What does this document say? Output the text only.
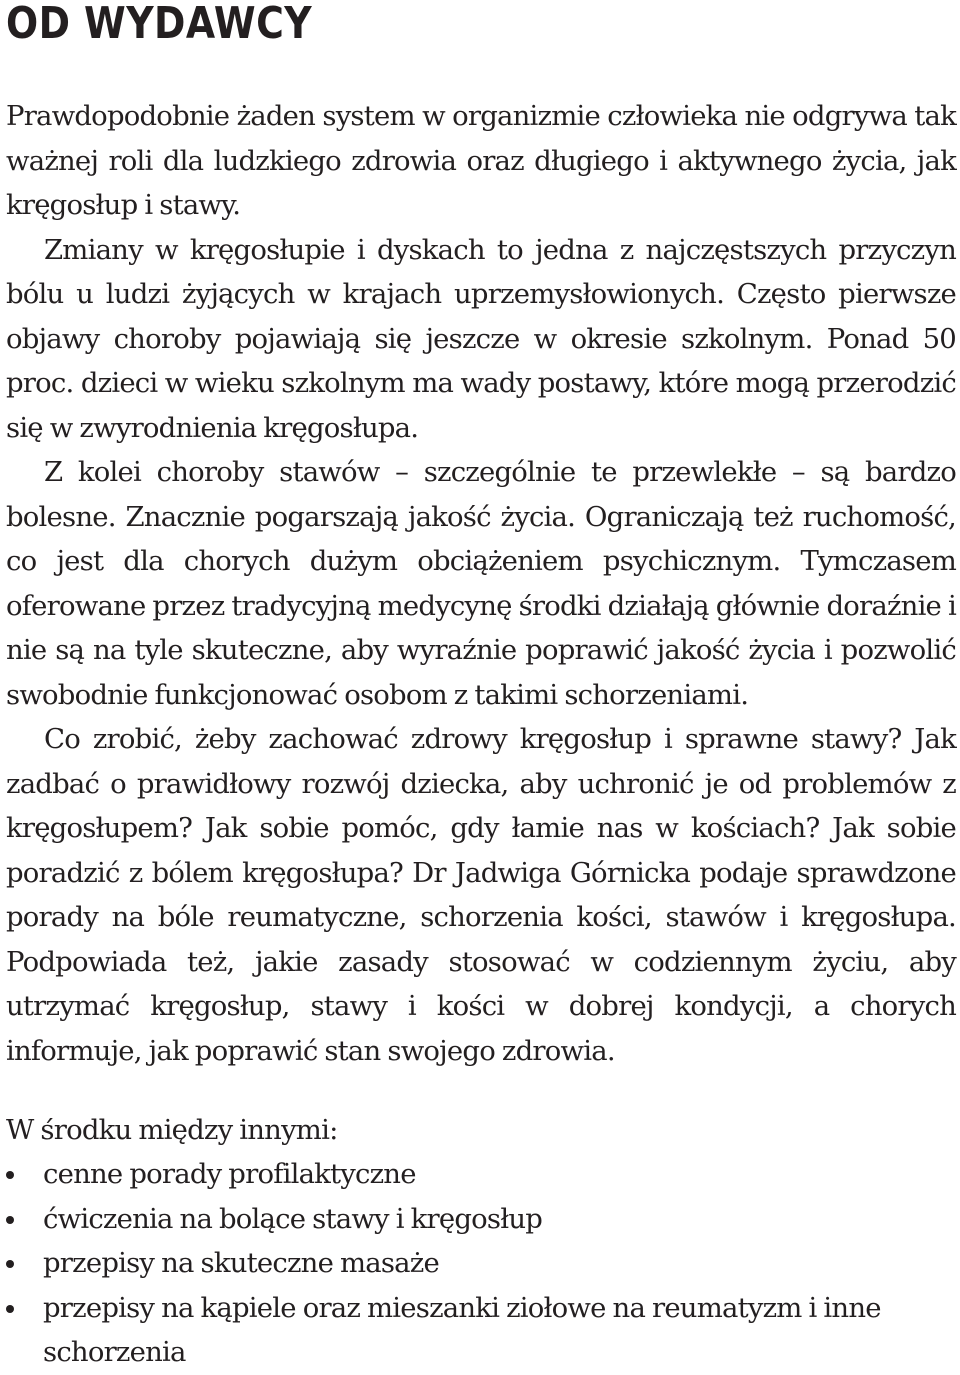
OD WYDAWCY

Prawdopodobnie żaden system w organizmie człowieka nie odgrywa tak ważnej roli dla ludzkiego zdrowia oraz długiego i aktywnego życia, jak kręgosłup i stawy.

Zmiany w kręgosłupie i dyskach to jedna z najczęstszych przyczyn bólu u ludzi żyjących w krajach uprzemysłowionych. Często pierwsze objawy choroby pojawiają się jeszcze w okresie szkolnym. Ponad 50 proc. dzieci w wieku szkolnym ma wady postawy, które mogą przerodzić się w zwyrodnienia kręgosłupa.

Z kolei choroby stawów – szczególnie te przewlekłe – są bardzo bolesne. Znacznie pogarszają jakość życia. Ograniczają też ruchomość, co jest dla chorych dużym obciążeniem psychicznym. Tymczasem oferowane przez tradycyjną medycynę środki działają głównie doraźnie i nie są na tyle skuteczne, aby wyraźnie poprawić jakość życia i pozwolić swobodnie funkcjonować osobom z takimi schorzeniami.

Co zrobić, żeby zachować zdrowy kręgosłup i sprawne stawy? Jak zadbać o prawidłowy rozwój dziecka, aby uchronić je od problemów z kręgosłupem? Jak sobie pomóc, gdy łamie nas w kościach? Jak sobie poradzić z bólem kręgosłupa? Dr Jadwiga Górnicka podaje sprawdzone porady na bóle reumatyczne, schorzenia kości, stawów i kręgosłupa. Podpowiada też, jakie zasady stosować w codziennym życiu, aby utrzymać kręgosłup, stawy i kości w dobrej kondycji, a chorych informuje, jak poprawić stan swojego zdrowia.

W środku między innymi:

cenne porady profilaktyczne
ćwiczenia na bolące stawy i kręgosłup
przepisy na skuteczne masaże
przepisy na kąpiele oraz mieszanki ziołowe na reumatyzm i inne schorzenia
